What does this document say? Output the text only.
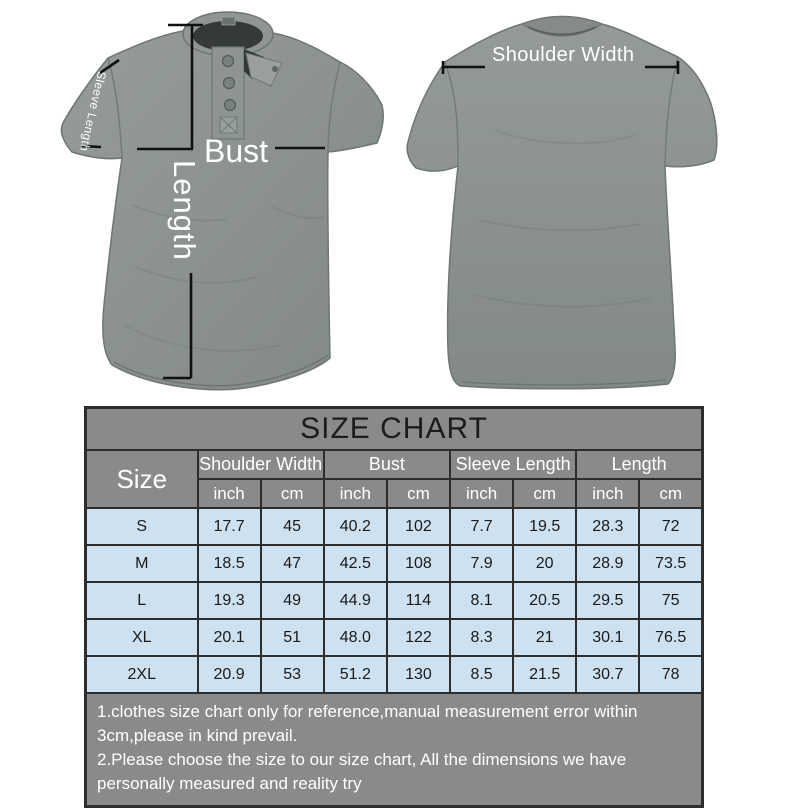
Sleeve Length	Bust
Length
Shoulder Width
SIZE CHART								
Size	Shoulder Width		Bust		Sleeve Length		Length	
	inch	cm	inch	cm	inch	cm	inch	cm
S	17.7	45	40.2	102	7.7	19.5	28.3	72
M	18.5	47	42.5	108	7.9	20	28.9	73.5
L	19.3	49	44.9	114	8.1	20.5	29.5	75
XL	20.1	51	48.0	122	8.3	21	30.1	76.5
2XL	20.9	53	51.2	130	8.5	21.5	30.7	78

1.clothes size chart only for reference,manual measurement error within 3cm,please in kind prevail.

2.Please choose the size to our size chart, All the dimensions we have personally measured and reality try								
